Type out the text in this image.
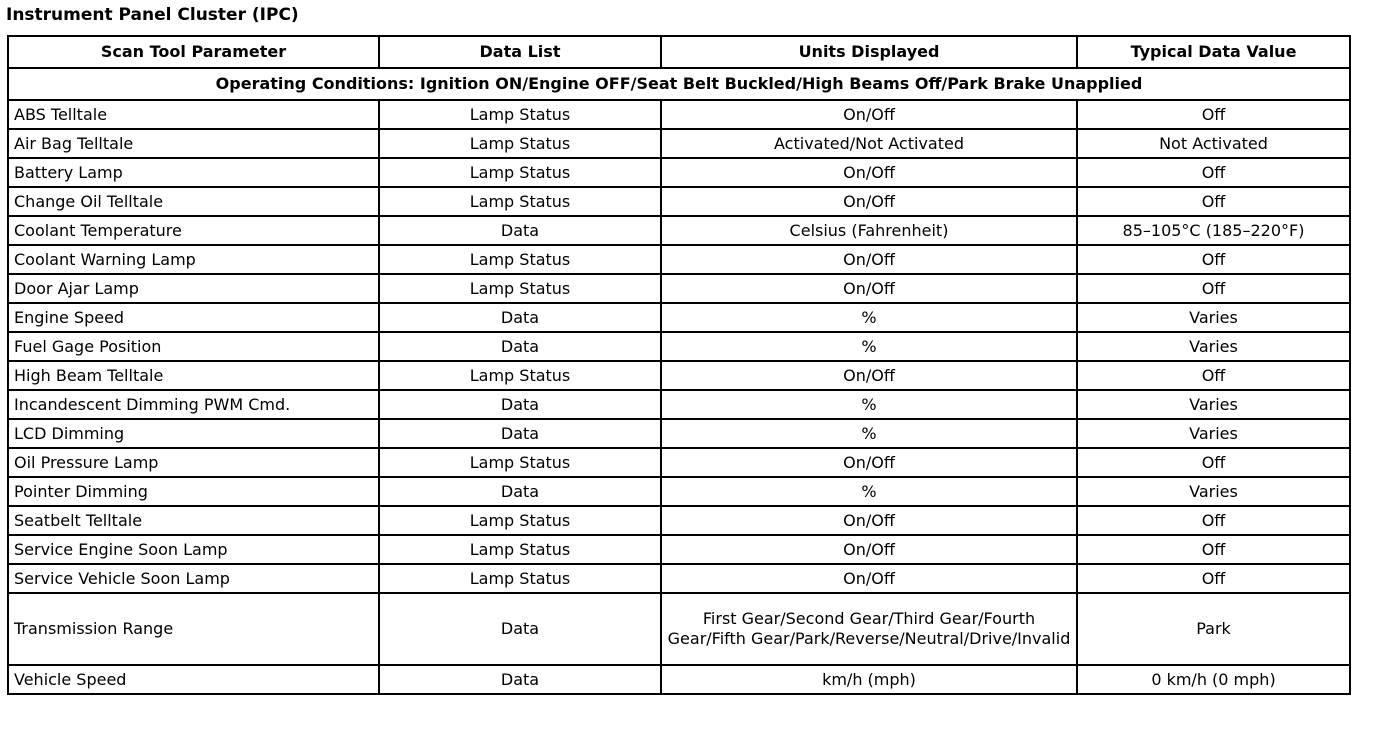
Instrument Panel Cluster (IPC)
Scan Tool Parameter	Data List	Units Displayed	Typical Data Value
Operating Conditions: Ignition ON/Engine OFF/Seat Belt Buckled/High Beams Off/Park Brake Unapplied			
ABS Telltale	Lamp Status	On/Off	Off
Air Bag Telltale	Lamp Status	Activated/Not Activated	Not Activated
Battery Lamp	Lamp Status	On/Off	Off
Change Oil Telltale	Lamp Status	On/Off	Off
Coolant Temperature	Data	Celsius (Fahrenheit)	85–105°C (185–220°F)
Coolant Warning Lamp	Lamp Status	On/Off	Off
Door Ajar Lamp	Lamp Status	On/Off	Off
Engine Speed	Data	%	Varies
Fuel Gage Position	Data	%	Varies
High Beam Telltale	Lamp Status	On/Off	Off
Incandescent Dimming PWM Cmd.	Data	%	Varies
LCD Dimming	Data	%	Varies
Oil Pressure Lamp	Lamp Status	On/Off	Off
Pointer Dimming	Data	%	Varies
Seatbelt Telltale	Lamp Status	On/Off	Off
Service Engine Soon Lamp	Lamp Status	On/Off	Off
Service Vehicle Soon Lamp	Lamp Status	On/Off	Off
Transmission Range	Data	First Gear/Second Gear/Third Gear/Fourth Gear/Fifth Gear/Park/Reverse/Neutral/Drive/Invalid	Park
Vehicle Speed	Data	km/h (mph)	0 km/h (0 mph)
